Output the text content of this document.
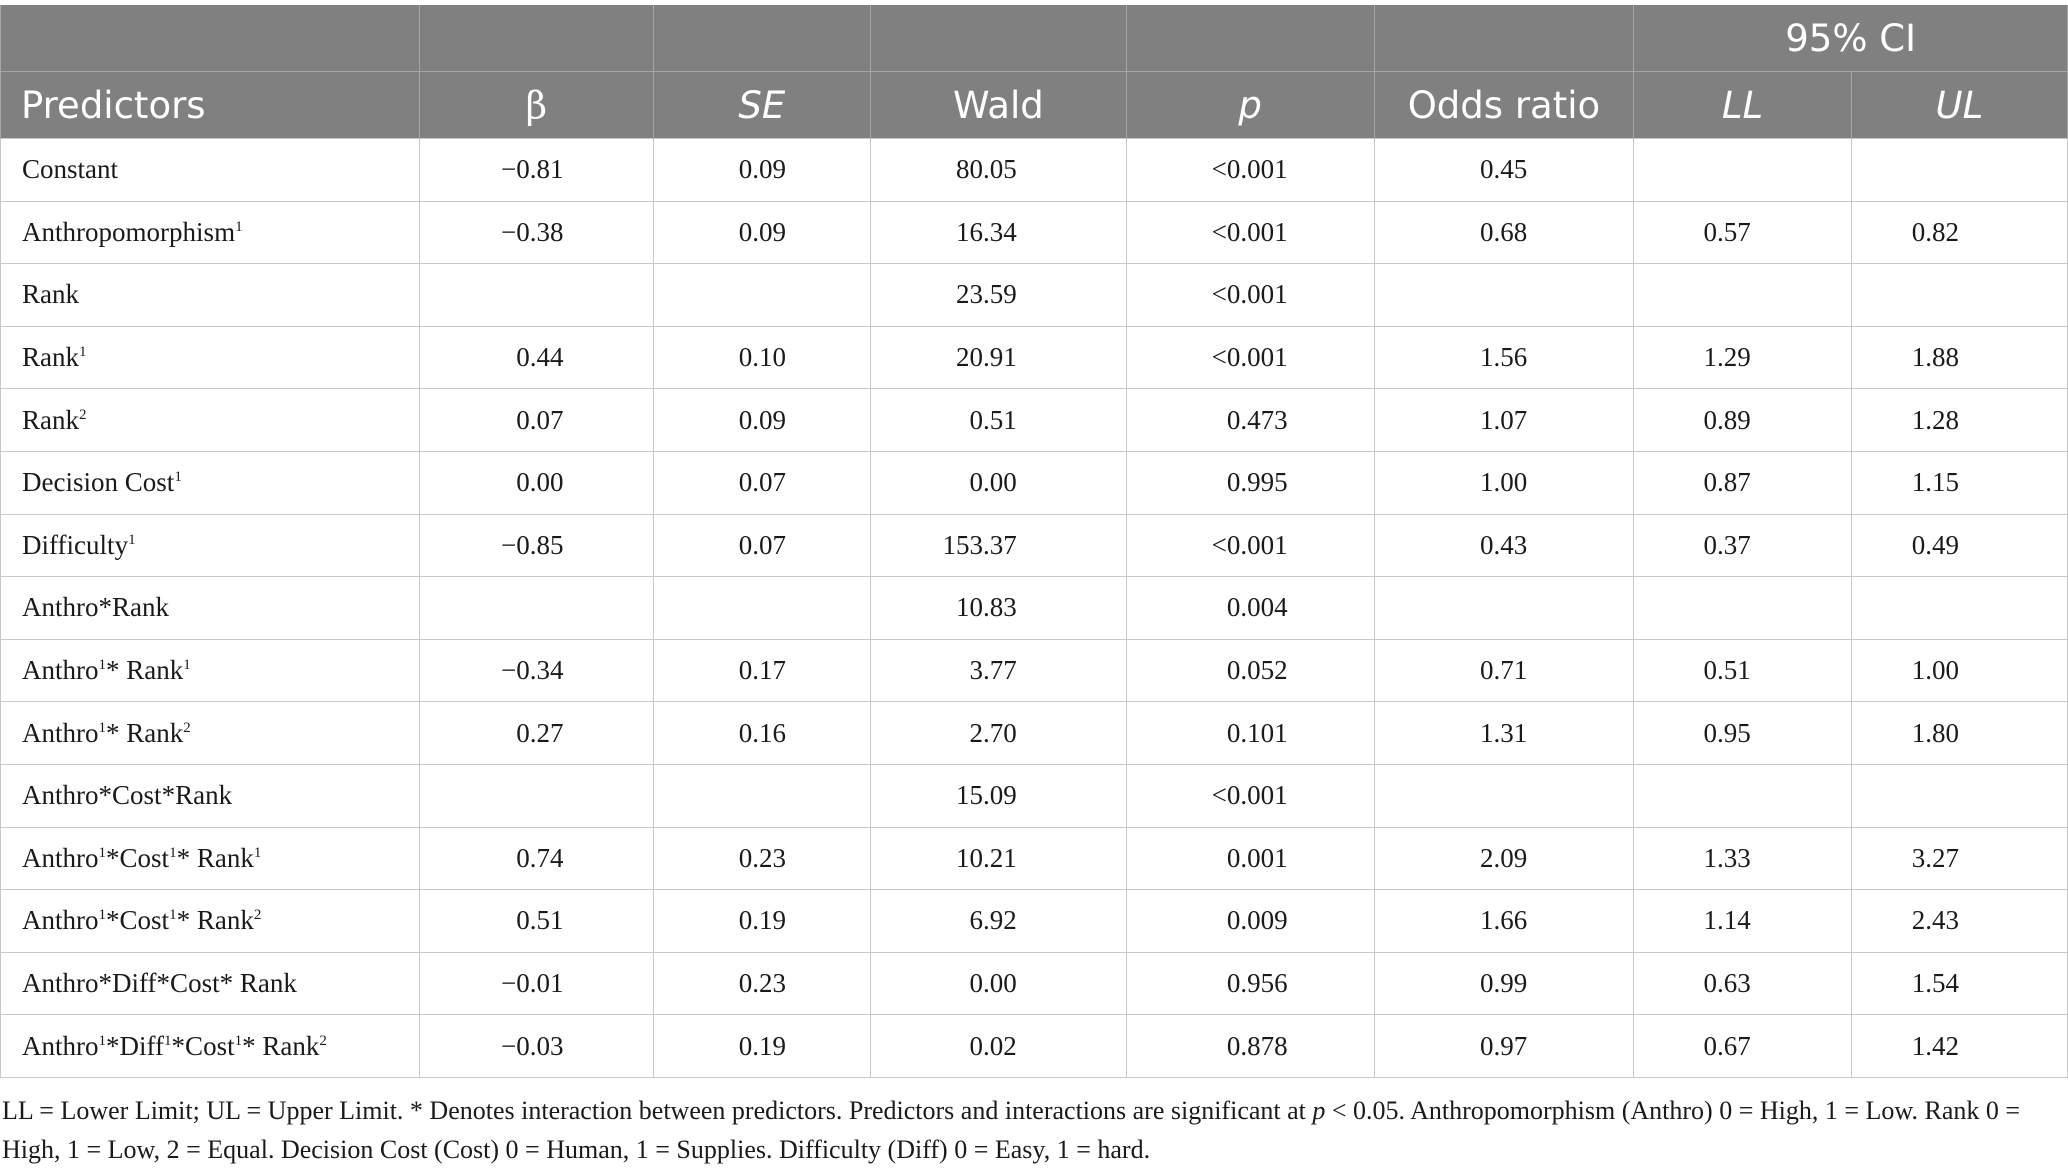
						95% CI	
Predictors	β	SE	Wald	p	Odds ratio	LL	UL
Constant	−0.81	0.09	80.05	<0.001	0.45		
Anthropomorphism$^1$	−0.38	0.09	16.34	<0.001	0.68	0.57	0.82
Rank			23.59	<0.001			
Rank$^1$	0.44	0.10	20.91	<0.001	1.56	1.29	1.88
Rank$^2$	0.07	0.09	0.51	0.473	1.07	0.89	1.28
Decision Cost$^1$	0.00	0.07	0.00	0.995	1.00	0.87	1.15
Difficulty$^1$	−0.85	0.07	153.37	<0.001	0.43	0.37	0.49
Anthro*Rank			10.83	0.004			
Anthro$^1$* Rank$^1$	−0.34	0.17	3.77	0.052	0.71	0.51	1.00
Anthro$^1$* Rank$^2$	0.27	0.16	2.70	0.101	1.31	0.95	1.80
Anthro*Cost*Rank			15.09	<0.001			
Anthro$^1$*Cost$^1$* Rank$^1$	0.74	0.23	10.21	0.001	2.09	1.33	3.27
Anthro$^1$*Cost$^1$* Rank$^2$	0.51	0.19	6.92	0.009	1.66	1.14	2.43
Anthro*Diff*Cost* Rank	−0.01	0.23	0.00	0.956	0.99	0.63	1.54
Anthro$^1$*Diff$^1$*Cost$^1$* Rank$^2$	−0.03	0.19	0.02	0.878	0.97	0.67	1.42

LL = Lower Limit; UL = Upper Limit. * Denotes interaction between predictors. Predictors and interactions are significant at p < 0.05. Anthropomorphism (Anthro) 0 = High, 1 = Low. Rank 0 = High, 1 = Low, 2 = Equal. Decision Cost (Cost) 0 = Human, 1 = Supplies. Difficulty (Diff) 0 = Easy, 1 = hard.
